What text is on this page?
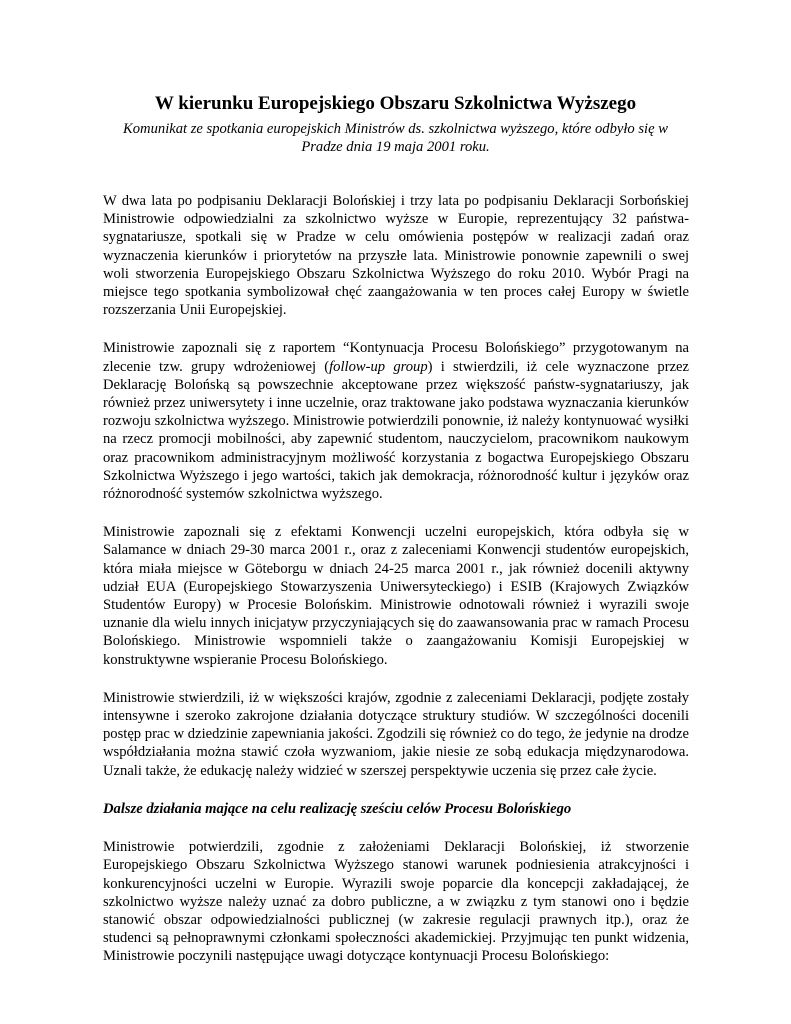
W kierunku Europejskiego Obszaru Szkolnictwa Wyższego

Komunikat ze spotkania europejskich Ministrów ds. szkolnictwa wyższego, które odbyło się w Pradze dnia 19 maja 2001 roku.

W dwa lata po podpisaniu Deklaracji Bolońskiej i trzy lata po podpisaniu Deklaracji Sorbońskiej Ministrowie odpowiedzialni za szkolnictwo wyższe w Europie, reprezentujący 32 państwa-sygnatariusze, spotkali się w Pradze w celu omówienia postępów w realizacji zadań oraz wyznaczenia kierunków i priorytetów na przyszłe lata. Ministrowie ponownie zapewnili o swej woli stworzenia Europejskiego Obszaru Szkolnictwa Wyższego do roku 2010. Wybór Pragi na miejsce tego spotkania symbolizował chęć zaangażowania w ten proces całej Europy w świetle rozszerzania Unii Europejskiej.

Ministrowie zapoznali się z raportem “Kontynuacja Procesu Bolońskiego” przygotowanym na zlecenie tzw. grupy wdrożeniowej (follow-up group) i stwierdzili, iż cele wyznaczone przez Deklarację Bolońską są powszechnie akceptowane przez większość państw-sygnatariuszy, jak również przez uniwersytety i inne uczelnie, oraz traktowane jako podstawa wyznaczania kierunków rozwoju szkolnictwa wyższego. Ministrowie potwierdzili ponownie, iż należy kontynuować wysiłki na rzecz promocji mobilności, aby zapewnić studentom, nauczycielom, pracownikom naukowym oraz pracownikom administracyjnym możliwość korzystania z bogactwa Europejskiego Obszaru Szkolnictwa Wyższego i jego wartości, takich jak demokracja, różnorodność kultur i języków oraz różnorodność systemów szkolnictwa wyższego.

Ministrowie zapoznali się z efektami Konwencji uczelni europejskich, która odbyła się w Salamance w dniach 29-30 marca 2001 r., oraz z zaleceniami Konwencji studentów europejskich, która miała miejsce w Göteborgu w dniach 24-25 marca 2001 r., jak również docenili aktywny udział EUA (Europejskiego Stowarzyszenia Uniwersyteckiego) i ESIB (Krajowych Związków Studentów Europy) w Procesie Bolońskim. Ministrowie odnotowali również i wyrazili swoje uznanie dla wielu innych inicjatyw przyczyniających się do zaawansowania prac w ramach Procesu Bolońskiego. Ministrowie wspomnieli także o zaangażowaniu Komisji Europejskiej w konstruktywne wspieranie Procesu Bolońskiego.

Ministrowie stwierdzili, iż w większości krajów, zgodnie z zaleceniami Deklaracji, podjęte zostały intensywne i szeroko zakrojone działania dotyczące struktury studiów. W szczególności docenili postęp prac w dziedzinie zapewniania jakości. Zgodzili się również co do tego, że jedynie na drodze współdziałania można stawić czoła wyzwaniom, jakie niesie ze sobą edukacja międzynarodowa. Uznali także, że edukację należy widzieć w szerszej perspektywie uczenia się przez całe życie.

Dalsze działania mające na celu realizację sześciu celów Procesu Bolońskiego

Ministrowie potwierdzili, zgodnie z założeniami Deklaracji Bolońskiej, iż stworzenie Europejskiego Obszaru Szkolnictwa Wyższego stanowi warunek podniesienia atrakcyjności i konkurencyjności uczelni w Europie. Wyrazili swoje poparcie dla koncepcji zakładającej, że szkolnictwo wyższe należy uznać za dobro publiczne, a w związku z tym stanowi ono i będzie stanowić obszar odpowiedzialności publicznej (w zakresie regulacji prawnych itp.), oraz że studenci są pełnoprawnymi członkami społeczności akademickiej. Przyjmując ten punkt widzenia, Ministrowie poczynili następujące uwagi dotyczące kontynuacji Procesu Bolońskiego:
